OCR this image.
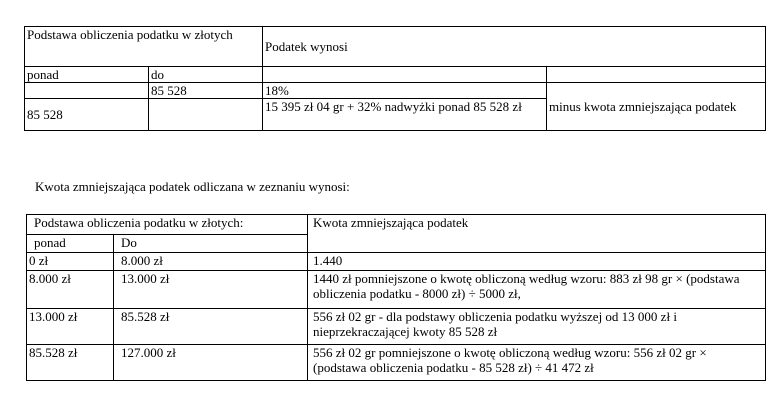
Podstawa obliczenia podatku w złotych		Podatek wynosi	
ponad	do		
	85 528	18%	minus kwota zmniejszająca podatek
85 528		15 395 zł 04 gr + 32% nadwyżki ponad 85 528 zł	
Kwota zmniejszająca podatek odliczana w zeznaniu wynosi:
Podstawa obliczenia podatku w złotych:		Kwota zmniejszająca podatek
ponad	Do	
0 zł	8.000 zł	1.440
8.000 zł	13.000 zł	1440 zł pomniejszone o kwotę obliczoną według wzoru: 883 zł 98 gr × (podstawa obliczenia podatku - 8000 zł) ÷ 5000 zł,
13.000 zł	85.528 zł	556 zł 02 gr - dla podstawy obliczenia podatku wyższej od 13 000 zł i nieprzekraczającej kwoty 85 528 zł
85.528 zł	127.000 zł	556 zł 02 gr pomniejszone o kwotę obliczoną według wzoru: 556 zł 02 gr × (podstawa obliczenia podatku - 85 528 zł) ÷ 41 472 zł
